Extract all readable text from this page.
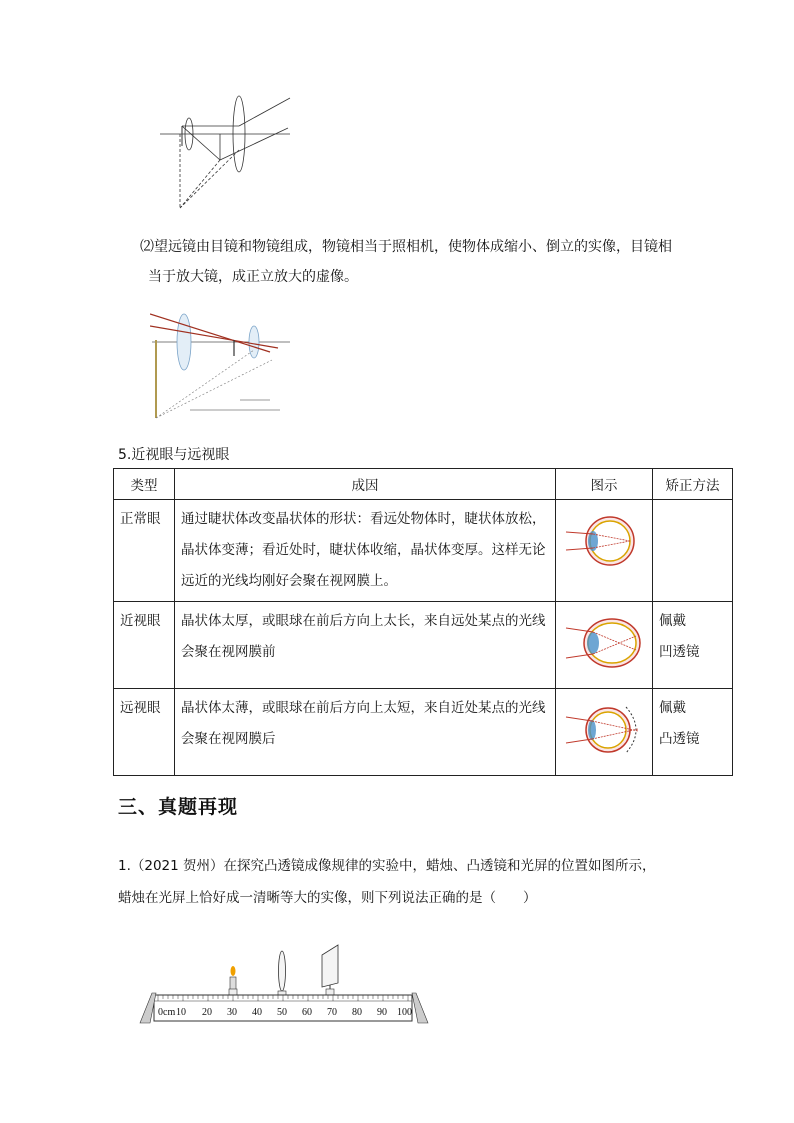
⑵望远镜由目镜和物镜组成，物镜相当于照相机，使物体成缩小、倒立的实像，目镜相
当于放大镜，成正立放大的虚像。
5.近视眼与远视眼
类型	成因	图示	矫正方法
正常眼	通过睫状体改变晶状体的形状：看远处物体时，睫状体放松，晶状体变薄；看近处时，睫状体收缩，晶状体变厚。这样无论远近的光线均刚好会聚在视网膜上。		

近视眼	晶状体太厚，或眼球在前后方向上太长，来自远处某点的光线会聚在视网膜前		佩戴
凹透镜

远视眼	晶状体太薄，或眼球在前后方向上太短，来自近处某点的光线会聚在视网膜后		佩戴
凸透镜
三、真题再现
1.（2021 贺州）在探究凸透镜成像规律的实验中，蜡烛、凸透镜和光屏的位置如图所示，
蜡烛在光屏上恰好成一清晰等大的实像，则下列说法正确的是（　　）
0cm 10 20 30 40 50 60 70 80 90 100
